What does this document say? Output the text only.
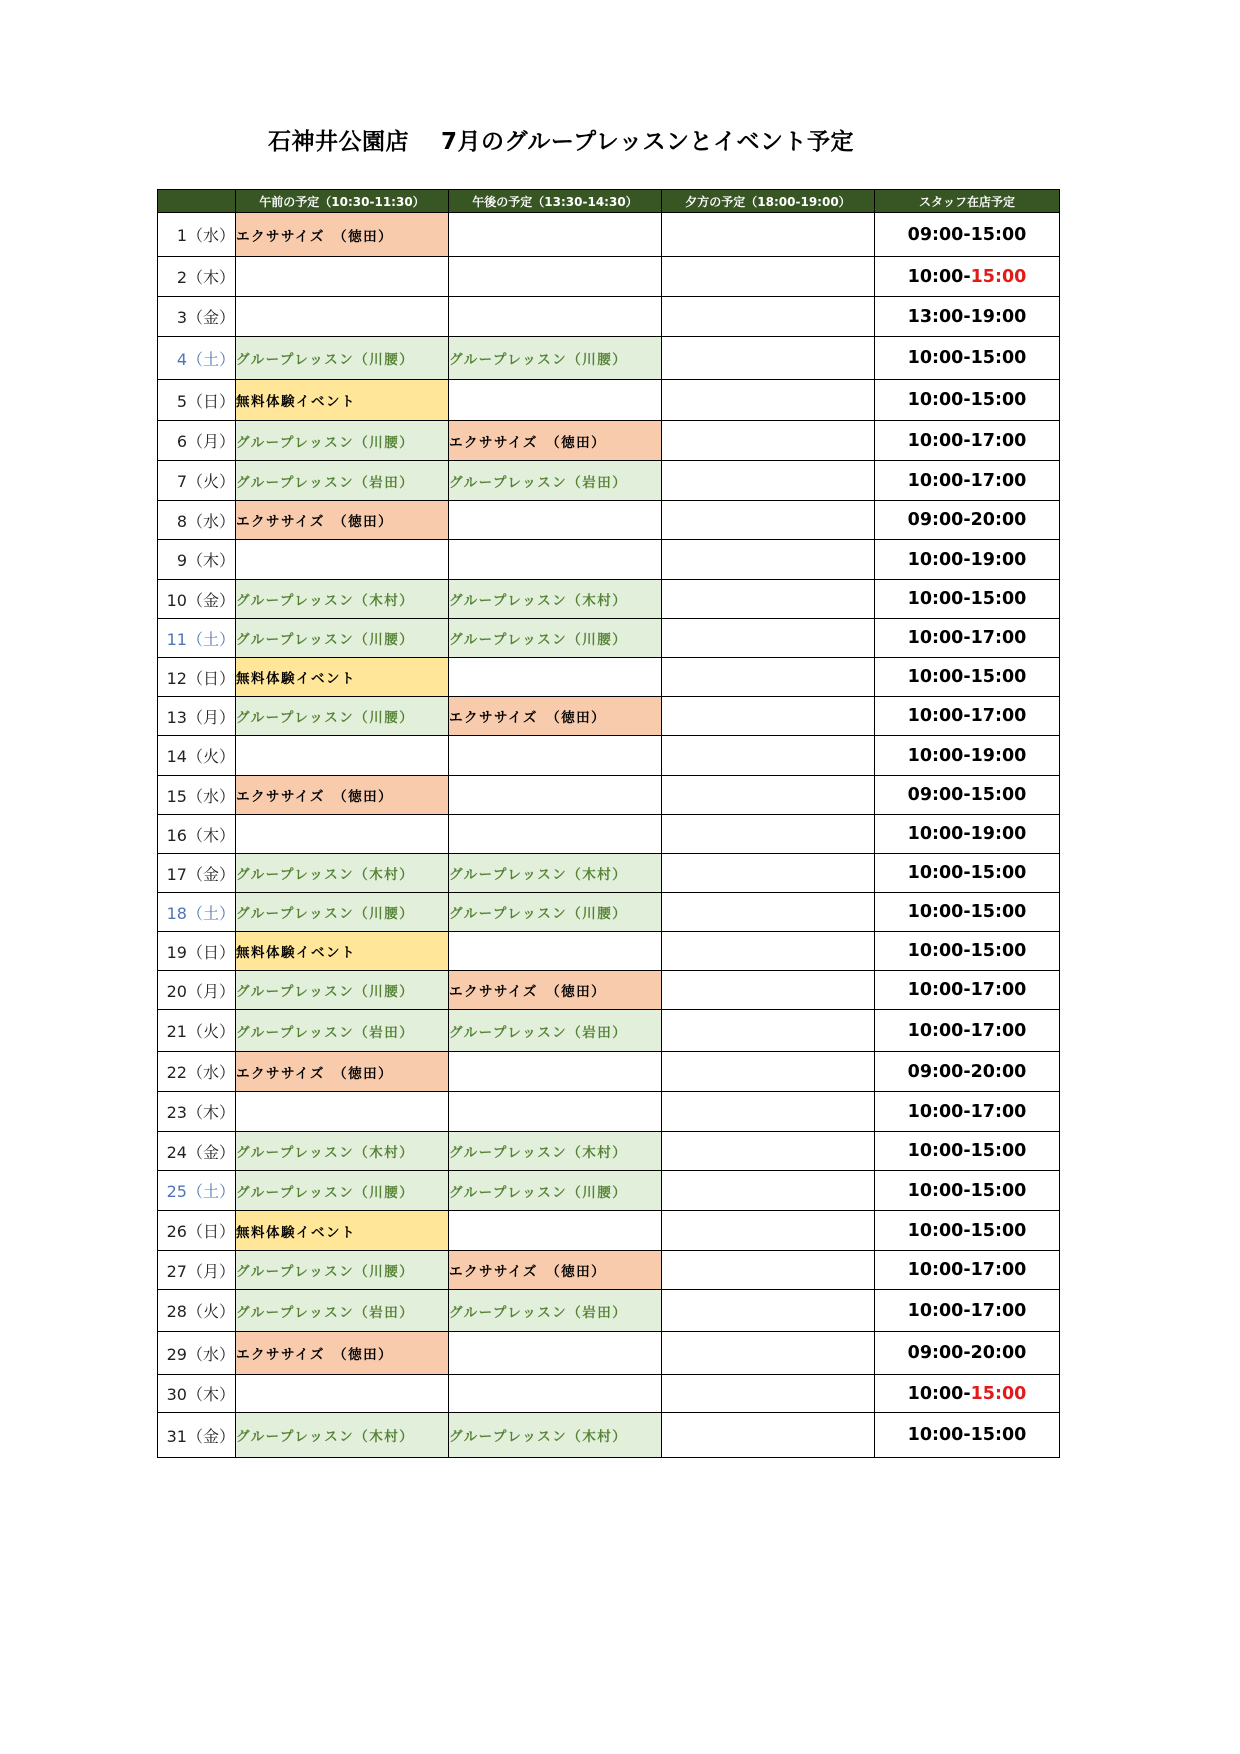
石神井公園店　 7月のグループレッスンとイベント予定
	午前の予定（10:30-11:30）	午後の予定（13:30-14:30）	夕方の予定（18:00-19:00）	スタッフ在店予定
1（水）	エクササイズ　（徳田）			09:00-15:00
2（木）				10:00-15:00
3（金）				13:00-19:00
4（土）	グループレッスン（川腰）	グループレッスン（川腰）		10:00-15:00
5（日）	無料体験イベント			10:00-15:00
6（月）	グループレッスン（川腰）	エクササイズ　（徳田）		10:00-17:00
7（火）	グループレッスン（岩田）	グループレッスン（岩田）		10:00-17:00
8（水）	エクササイズ　（徳田）			09:00-20:00
9（木）				10:00-19:00
10（金）	グループレッスン（木村）	グループレッスン（木村）		10:00-15:00
11（土）	グループレッスン（川腰）	グループレッスン（川腰）		10:00-17:00
12（日）	無料体験イベント			10:00-15:00
13（月）	グループレッスン（川腰）	エクササイズ　（徳田）		10:00-17:00
14（火）				10:00-19:00
15（水）	エクササイズ　（徳田）			09:00-15:00
16（木）				10:00-19:00
17（金）	グループレッスン（木村）	グループレッスン（木村）		10:00-15:00
18（土）	グループレッスン（川腰）	グループレッスン（川腰）		10:00-15:00
19（日）	無料体験イベント			10:00-15:00
20（月）	グループレッスン（川腰）	エクササイズ　（徳田）		10:00-17:00
21（火）	グループレッスン（岩田）	グループレッスン（岩田）		10:00-17:00
22（水）	エクササイズ　（徳田）			09:00-20:00
23（木）				10:00-17:00
24（金）	グループレッスン（木村）	グループレッスン（木村）		10:00-15:00
25（土）	グループレッスン（川腰）	グループレッスン（川腰）		10:00-15:00
26（日）	無料体験イベント			10:00-15:00
27（月）	グループレッスン（川腰）	エクササイズ　（徳田）		10:00-17:00
28（火）	グループレッスン（岩田）	グループレッスン（岩田）		10:00-17:00
29（水）	エクササイズ　（徳田）			09:00-20:00
30（木）				10:00-15:00
31（金）	グループレッスン（木村）	グループレッスン（木村）		10:00-15:00
